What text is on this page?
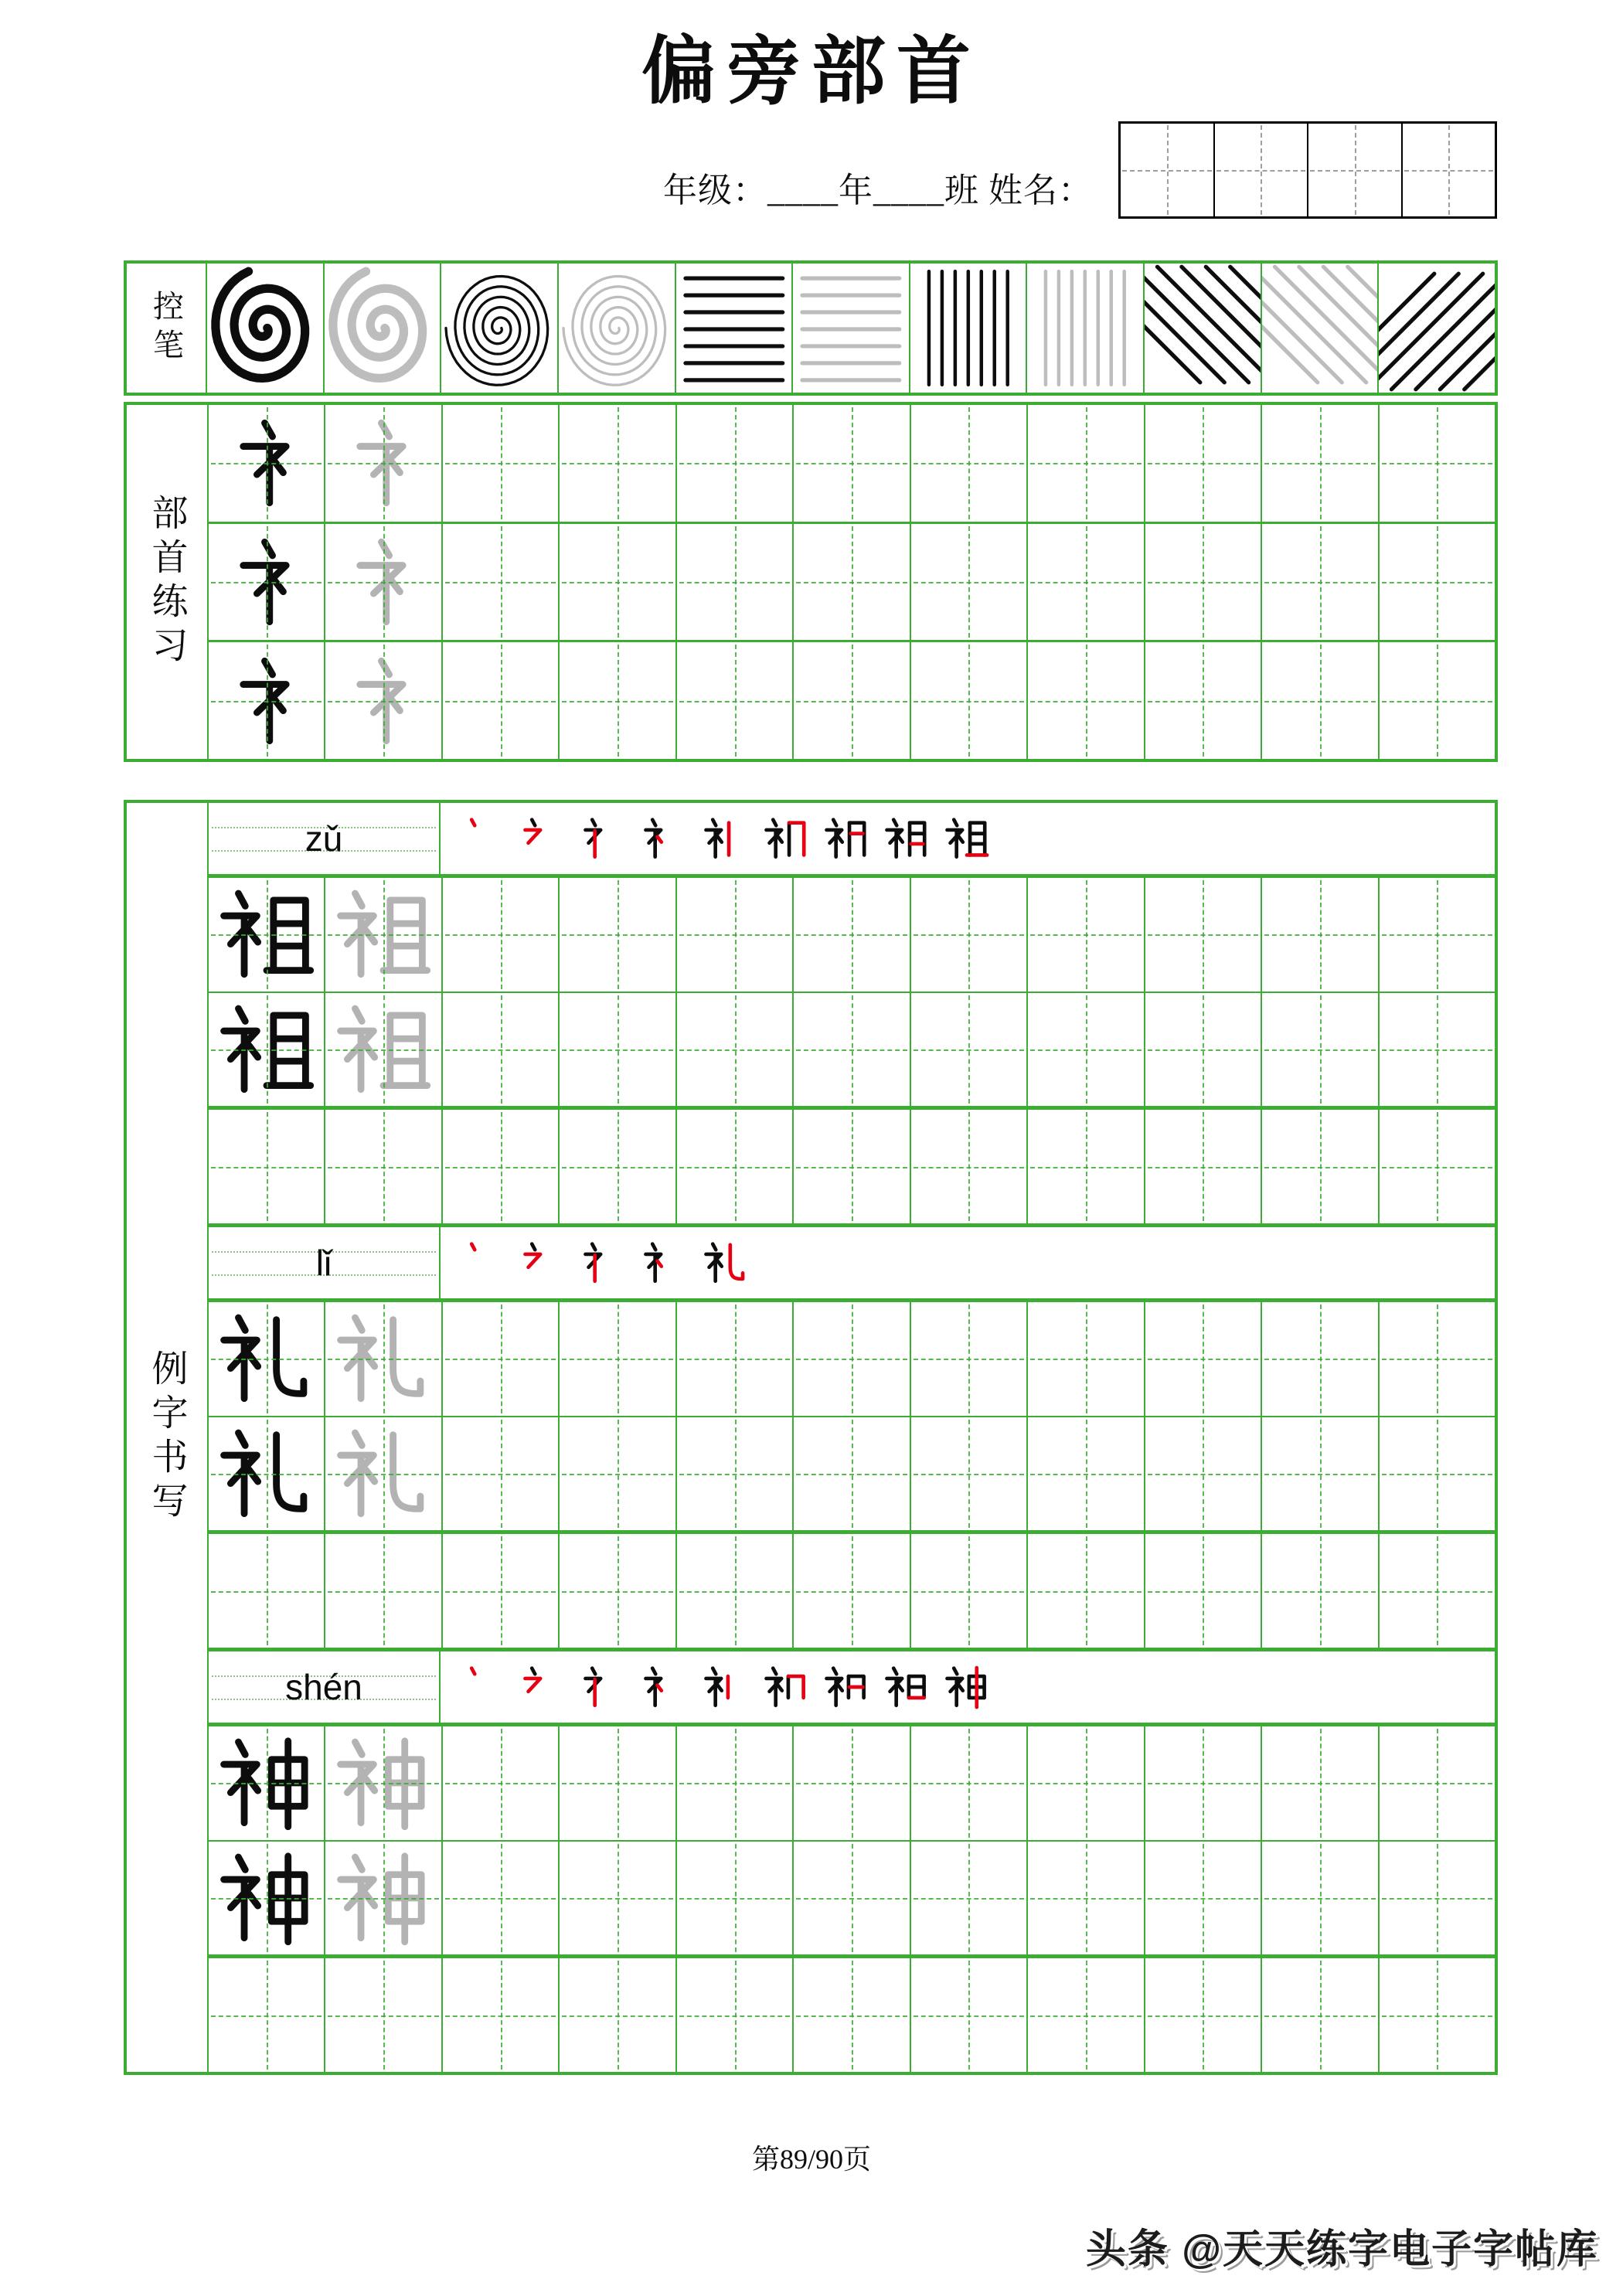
偏旁部首
年级：____年____班 姓名：
控笔
部首练习
例字书写
zǔ
lǐ
shén
第89/90页
头条 @天天练字电子字帖库
